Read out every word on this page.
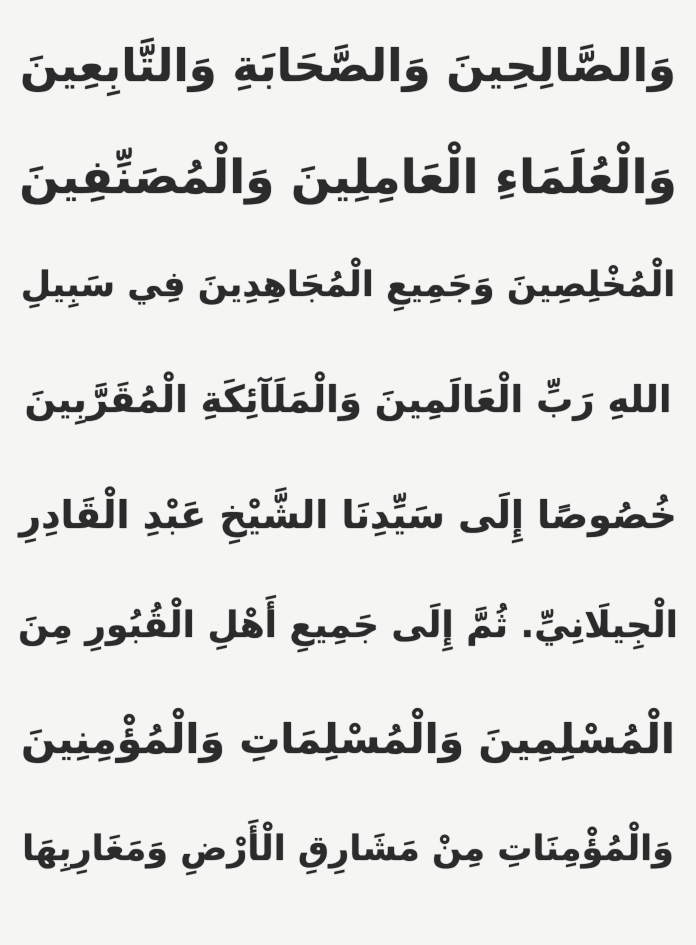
وَالصَّالِحِينَ وَالصَّحَابَةِ وَالتَّابِعِينَ
وَالْعُلَمَاءِ الْعَامِلِينَ وَالْمُصَنِّفِينَ
الْمُخْلِصِينَ وَجَمِيعِ الْمُجَاهِدِينَ فِي سَبِيلِ
اللهِ رَبِّ الْعَالَمِينَ وَالْمَلَآئِكَةِ الْمُقَرَّبِينَ
خُصُوصًا إِلَى سَيِّدِنَا الشَّيْخِ عَبْدِ الْقَادِرِ
الْجِيلَانِيِّ. ثُمَّ إِلَى جَمِيعِ أَهْلِ الْقُبُورِ مِنَ
الْمُسْلِمِينَ وَالْمُسْلِمَاتِ وَالْمُؤْمِنِينَ
وَالْمُؤْمِنَاتِ مِنْ مَشَارِقِ الْأَرْضِ وَمَغَارِبِهَا
